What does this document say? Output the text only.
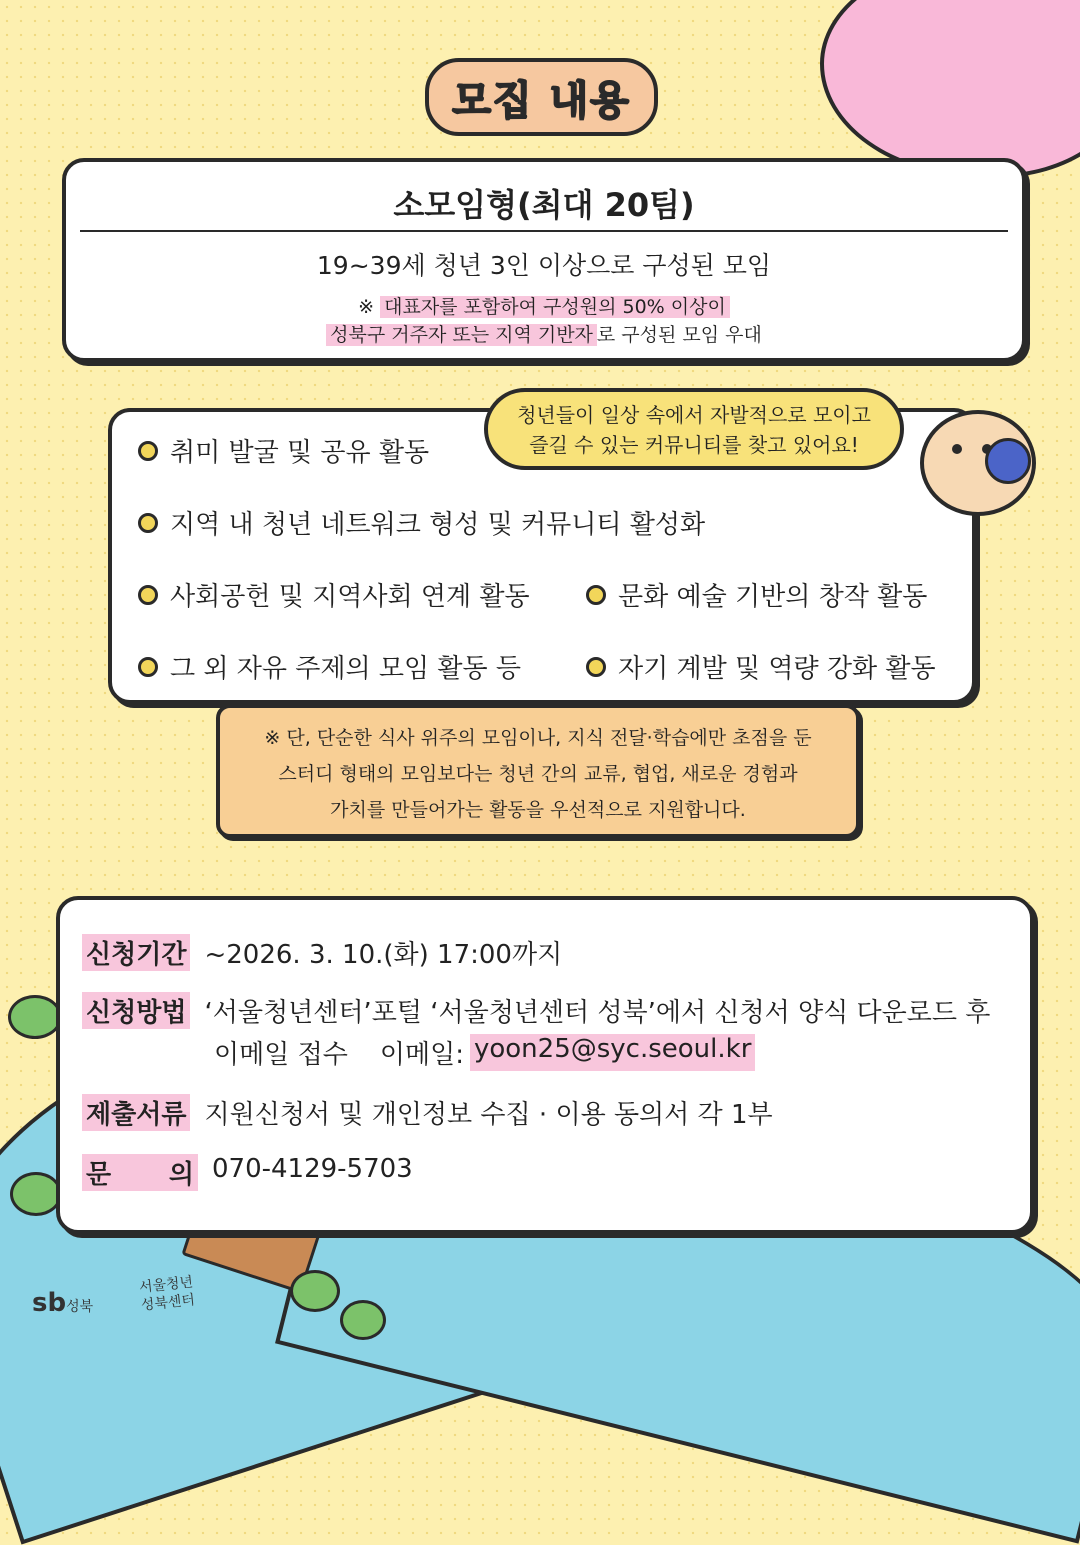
모집 내용
소모임형(최대 20팀)
19~39세 청년 3인 이상으로 구성된 모임
※ 대표자를 포함하여 구성원의 50% 이상이
성북구 거주자 또는 지역 기반자 로 구성된 모임 우대
취미 발굴 및 공유 활동
지역 내 청년 네트워크 형성 및 커뮤니티 활성화
사회공헌 및 지역사회 연계 활동	문화 예술 기반의 창작 활동
그 외 자유 주제의 모임 활동 등	자기 계발 및 역량 강화 활동
청년들이 일상 속에서 자발적으로 모이고
즐길 수 있는 커뮤니티를 찾고 있어요!
※ 단, 단순한 식사 위주의 모임이나, 지식 전달·학습에만 초점을 둔
스터디 형태의 모임보다는 청년 간의 교류, 협업, 새로운 경험과
가치를 만들어가는 활동을 우선적으로 지원합니다.
신청기간 ~2026. 3. 10.(화) 17:00까지
신청방법 ‘서울청년센터’포털 ‘서울청년센터 성북’에서 신청서 양식 다운로드 후
이메일 접수 이메일: yoon25@syc.seoul.kr
제출서류 지원신청서 및 개인정보 수집 · 이용 동의서 각 1부
문 의 070-4129-5703
sb성북
서울청년
성북센터
